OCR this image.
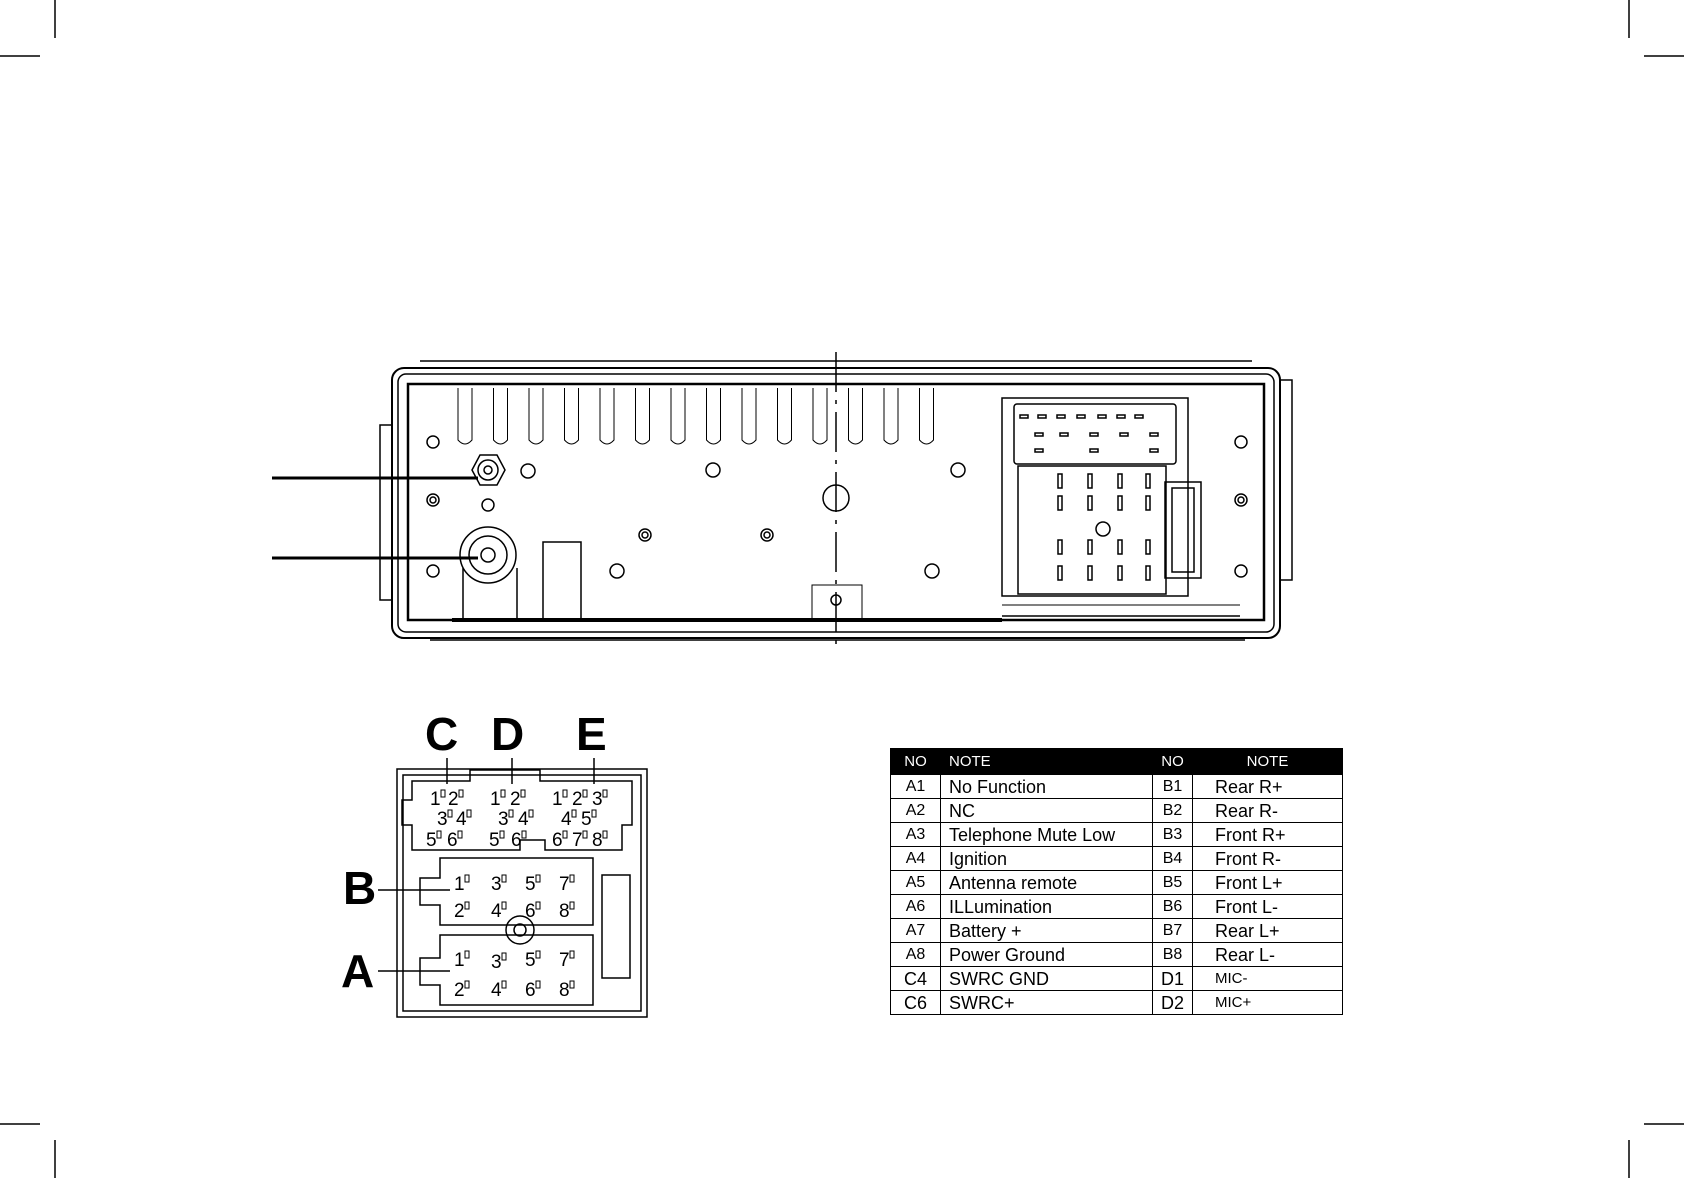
1 2 1 2 1 2 3
3 4 3 4 4 5
5 6 5 6 6 7 8
1 3 5 7
2 4 6 8
1 3 5 7
2 4 6 8
C D E
B
A
NO	NOTE	NO	NOTE
A1	No Function	B1	Rear R+
A2	NC	B2	Rear R-
A3	Telephone Mute Low	B3	Front R+
A4	Ignition	B4	Front R-
A5	Antenna remote	B5	Front L+
A6	ILLumination	B6	Front L-
A7	Battery +	B7	Rear L+
A8	Power Ground	B8	Rear L-
C4	SWRC GND	D1	MIC-
C6	SWRC+	D2	MIC+
